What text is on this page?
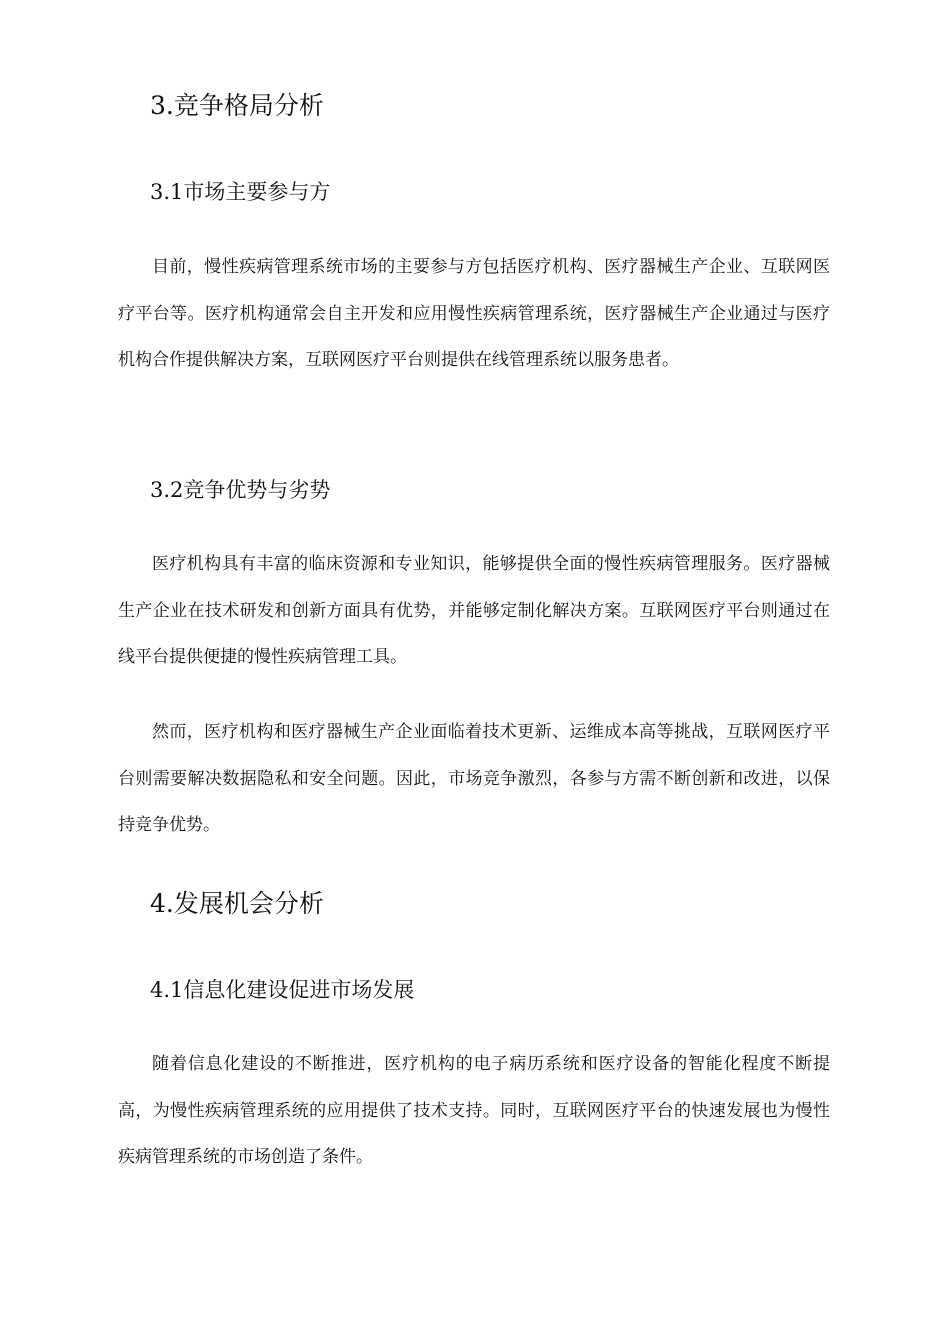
3.竞争格局分析
3.1市场主要参与方

目前，慢性疾病管理系统市场的主要参与方包括医疗机构、医疗器械生产企业、互联网医疗平台等。医疗机构通常会自主开发和应用慢性疾病管理系统，医疗器械生产企业通过与医疗机构合作提供解决方案，互联网医疗平台则提供在线管理系统以服务患者。

3.2竞争优势与劣势

医疗机构具有丰富的临床资源和专业知识，能够提供全面的慢性疾病管理服务。医疗器械生产企业在技术研发和创新方面具有优势，并能够定制化解决方案。互联网医疗平台则通过在线平台提供便捷的慢性疾病管理工具。

然而，医疗机构和医疗器械生产企业面临着技术更新、运维成本高等挑战，互联网医疗平台则需要解决数据隐私和安全问题。因此，市场竞争激烈，各参与方需不断创新和改进，以保持竞争优势。

4.发展机会分析
4.1信息化建设促进市场发展

随着信息化建设的不断推进，医疗机构的电子病历系统和医疗设备的智能化程度不断提高，为慢性疾病管理系统的应用提供了技术支持。同时，互联网医疗平台的快速发展也为慢性疾病管理系统的市场创造了条件。
